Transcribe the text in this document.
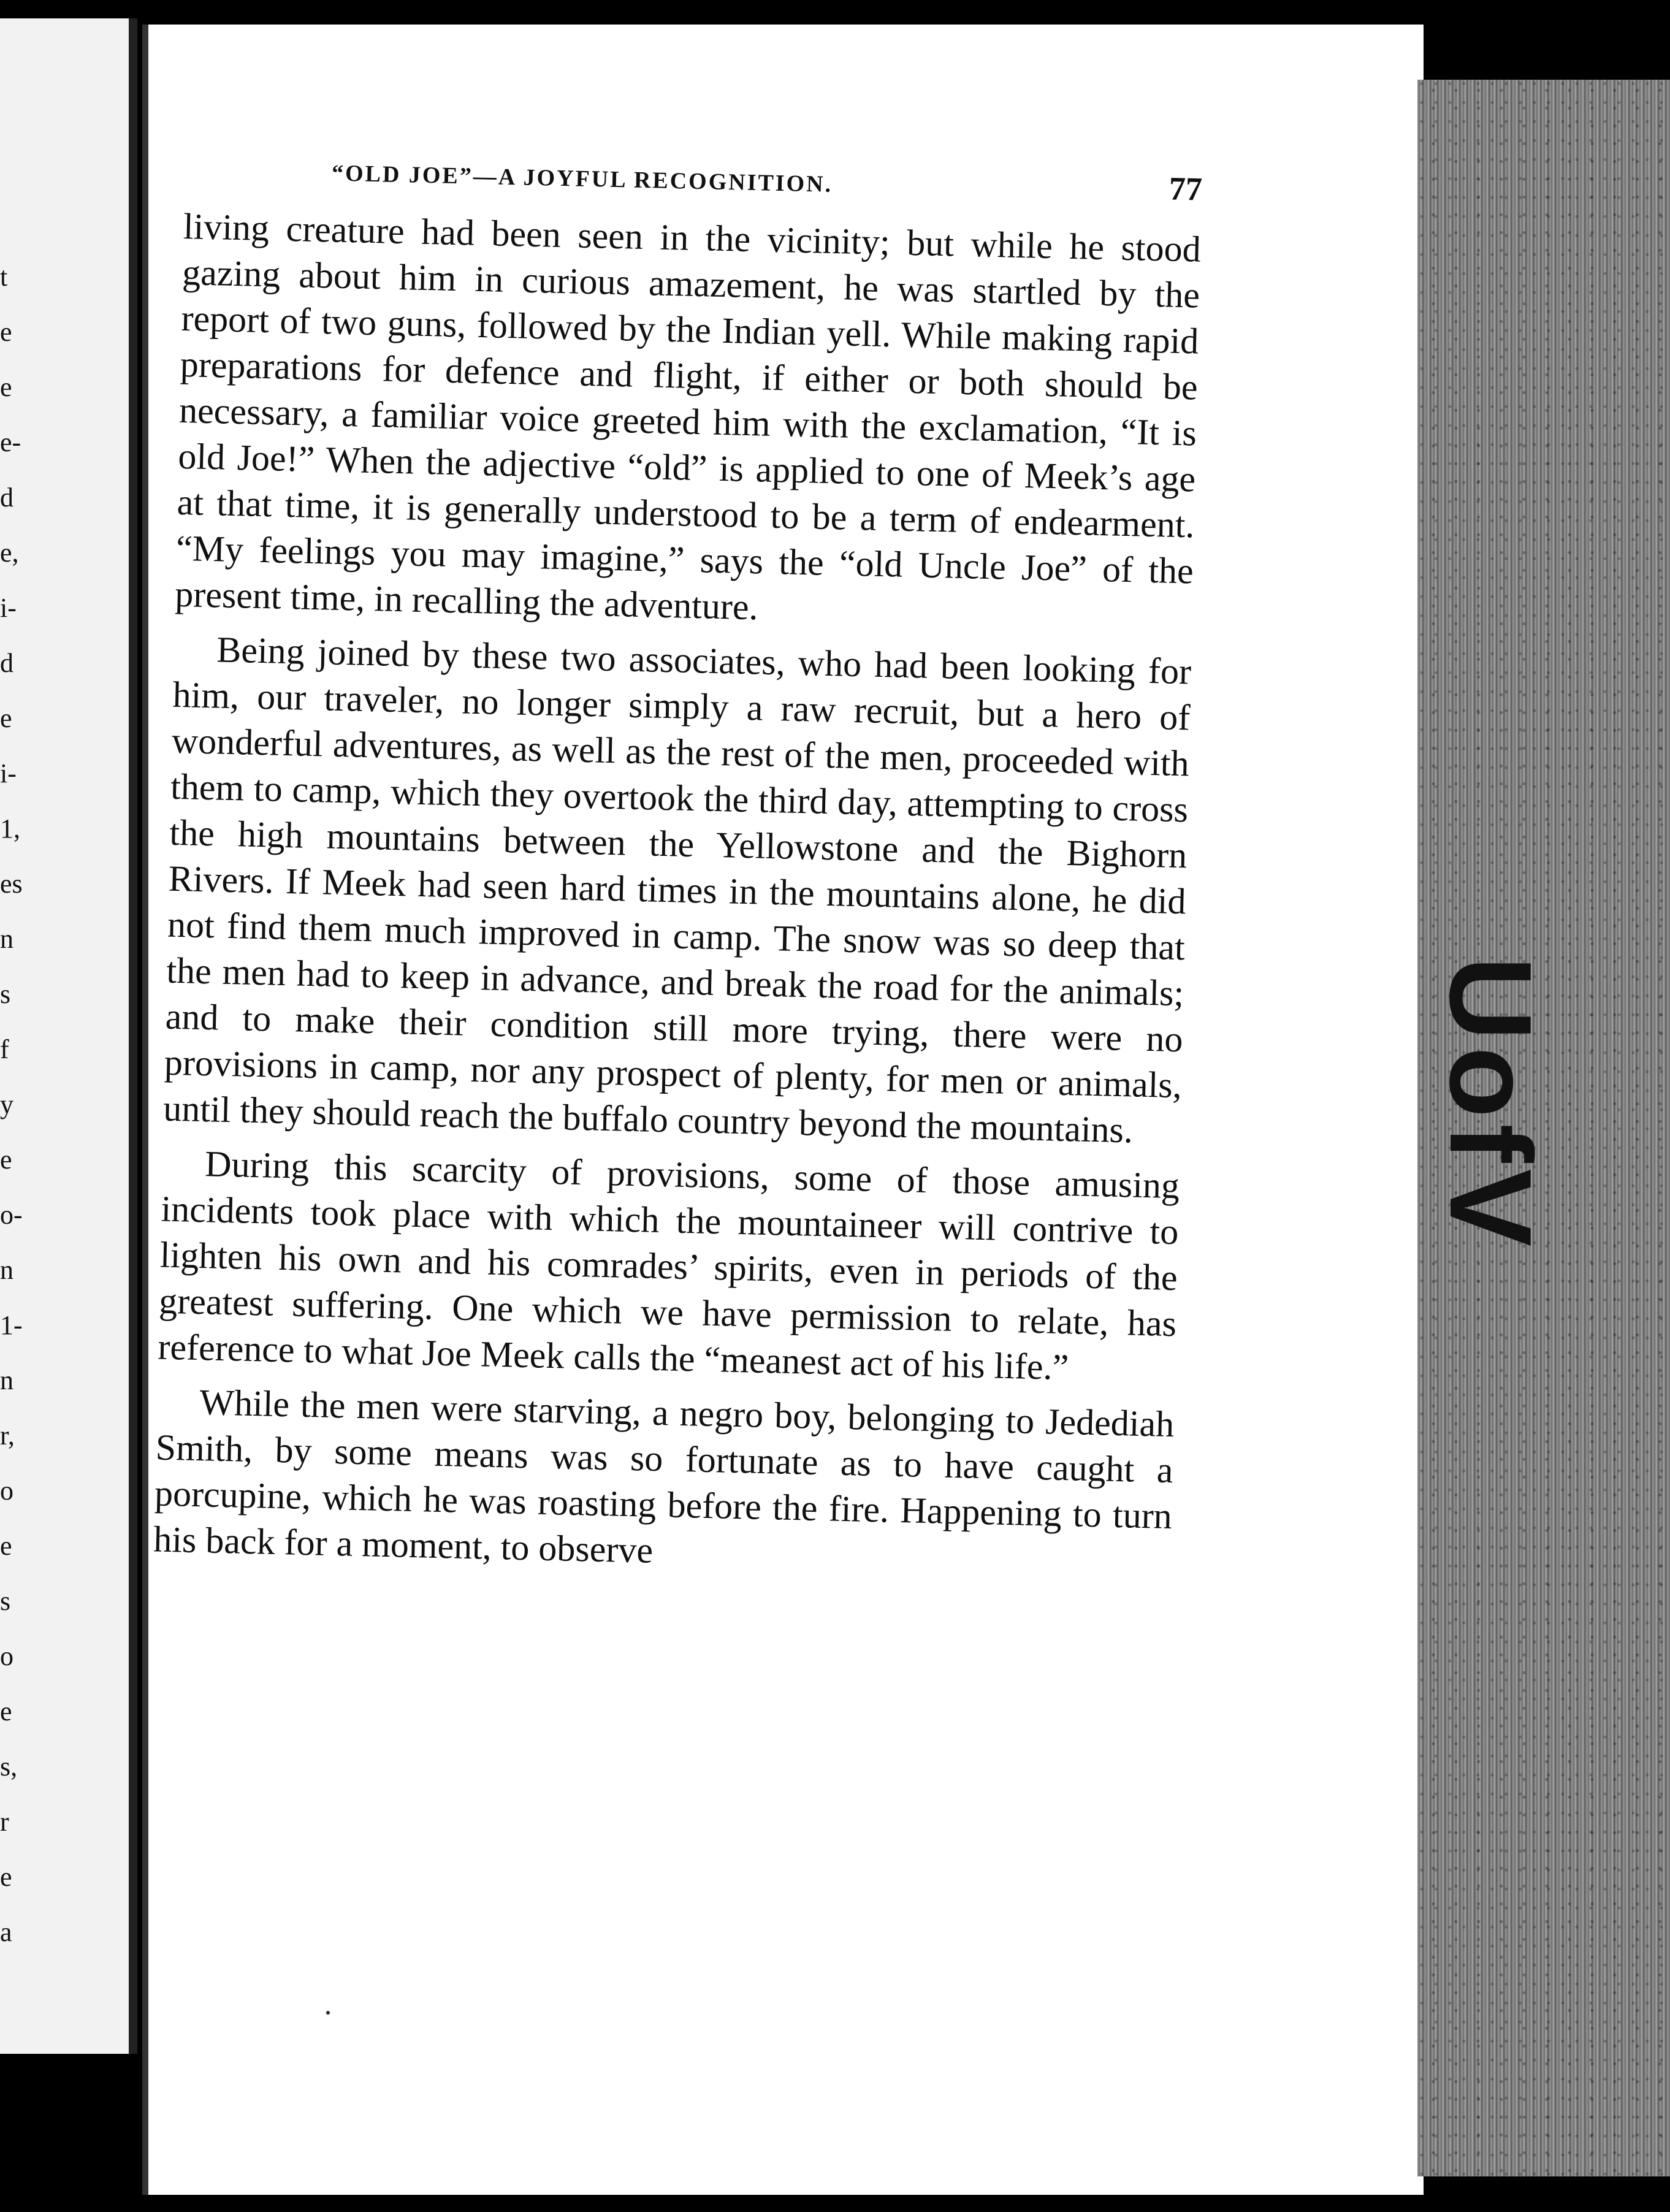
t
e
e
e-
d
e,
i-
d
e
i-
1,
es
n
s
f
y
e
o-
n
1-
n
r,
o
e
s
o
e
s,
r
e
a
“OLD JOE”—A JOYFUL RECOGNITION.	77

living creature had been seen in the vicinity; but while he stood gazing about him in curious amazement, he was startled by the report of two guns, followed by the Indian yell. While making rapid preparations for defence and flight, if either or both should be necessary, a familiar voice greeted him with the exclamation, “It is old Joe!” When the adjective “old” is applied to one of Meek’s age at that time, it is generally understood to be a term of endearment. “My feelings you may imagine,” says the “old Uncle Joe” of the present time, in recalling the adventure.

Being joined by these two associates, who had been looking for him, our traveler, no longer simply a raw recruit, but a hero of wonderful adventures, as well as the rest of the men, proceeded with them to camp, which they overtook the third day, attempting to cross the high mountains between the Yellowstone and the Bighorn Rivers. If Meek had seen hard times in the mountains alone, he did not find them much improved in camp. The snow was so deep that the men had to keep in advance, and break the road for the animals; and to make their condition still more trying, there were no provisions in camp, nor any prospect of plenty, for men or animals, until they should reach the buffalo country beyond the mountains.

During this scarcity of provisions, some of those amusing incidents took place with which the mountaineer will contrive to lighten his own and his comrades’ spirits, even in periods of the greatest suffering. One which we have permission to relate, has reference to what Joe Meek calls the “meanest act of his life.”

While the men were starving, a negro boy, belonging to Jedediah Smith, by some means was so fortunate as to have caught a porcupine, which he was roasting before the fire. Happening to turn his back for a moment, to observe
